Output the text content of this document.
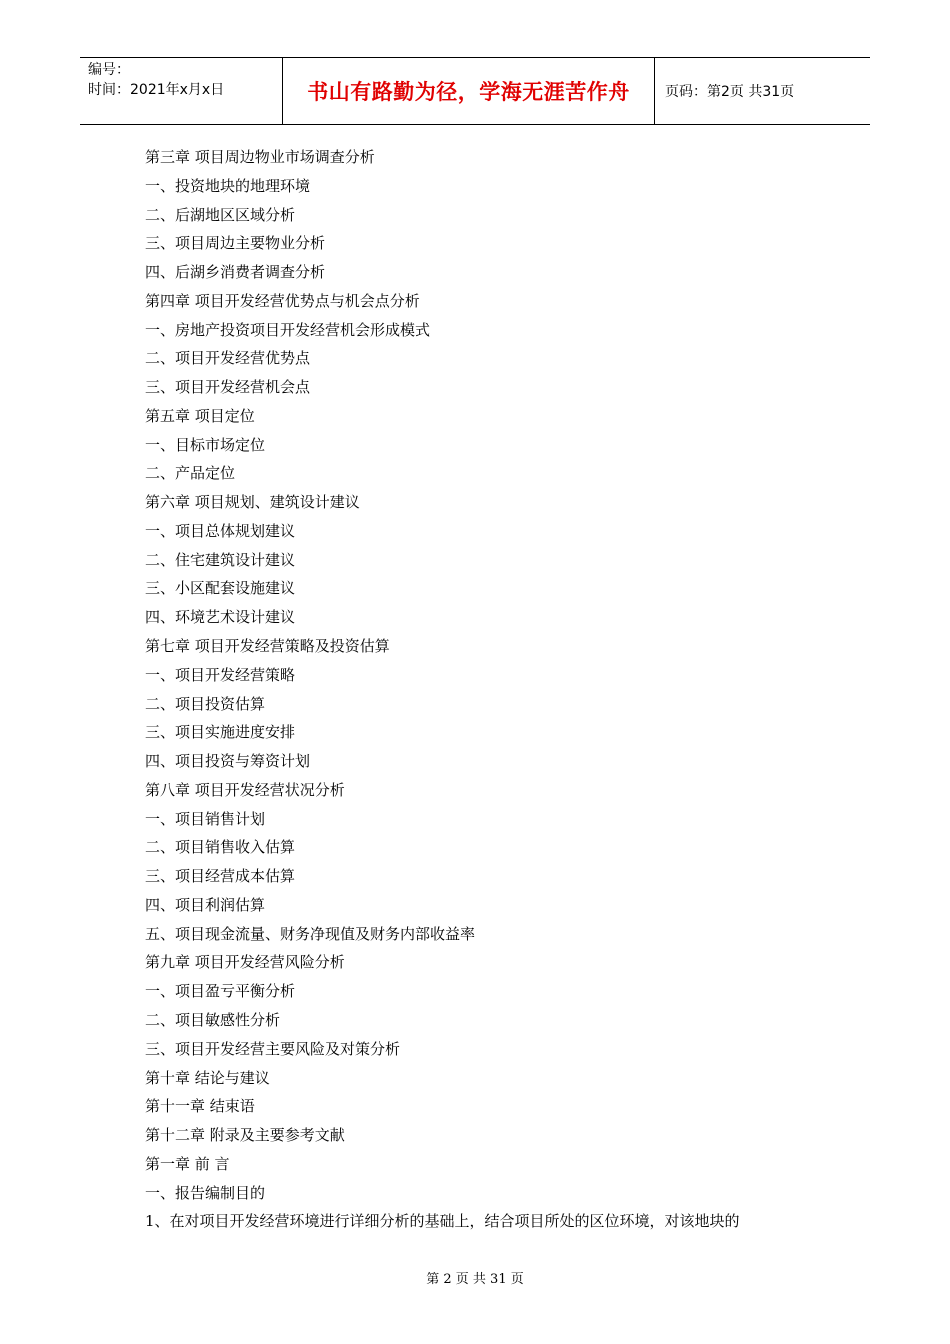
编号：
时间：2021年x月x日	书山有路勤为径，学海无涯苦作舟	页码：第2页 共31页
第三章 项目周边物业市场调查分析
一、投资地块的地理环境
二、后湖地区区域分析
三、项目周边主要物业分析
四、后湖乡消费者调查分析
第四章 项目开发经营优势点与机会点分析
一、房地产投资项目开发经营机会形成模式
二、项目开发经营优势点
三、项目开发经营机会点
第五章 项目定位
一、目标市场定位
二、产品定位
第六章 项目规划、建筑设计建议
一、项目总体规划建议
二、住宅建筑设计建议
三、小区配套设施建议
四、环境艺术设计建议
第七章 项目开发经营策略及投资估算
一、项目开发经营策略
二、项目投资估算
三、项目实施进度安排
四、项目投资与筹资计划
第八章 项目开发经营状况分析
一、项目销售计划
二、项目销售收入估算
三、项目经营成本估算
四、项目利润估算
五、项目现金流量、财务净现值及财务内部收益率
第九章 项目开发经营风险分析
一、项目盈亏平衡分析
二、项目敏感性分析
三、项目开发经营主要风险及对策分析
第十章 结论与建议
第十一章 结束语
第十二章 附录及主要参考文献
第一章 前 言
一、报告编制目的
1、在对项目开发经营环境进行详细分析的基础上，结合项目所处的区位环境，对该地块的
第 2 页 共 31 页
